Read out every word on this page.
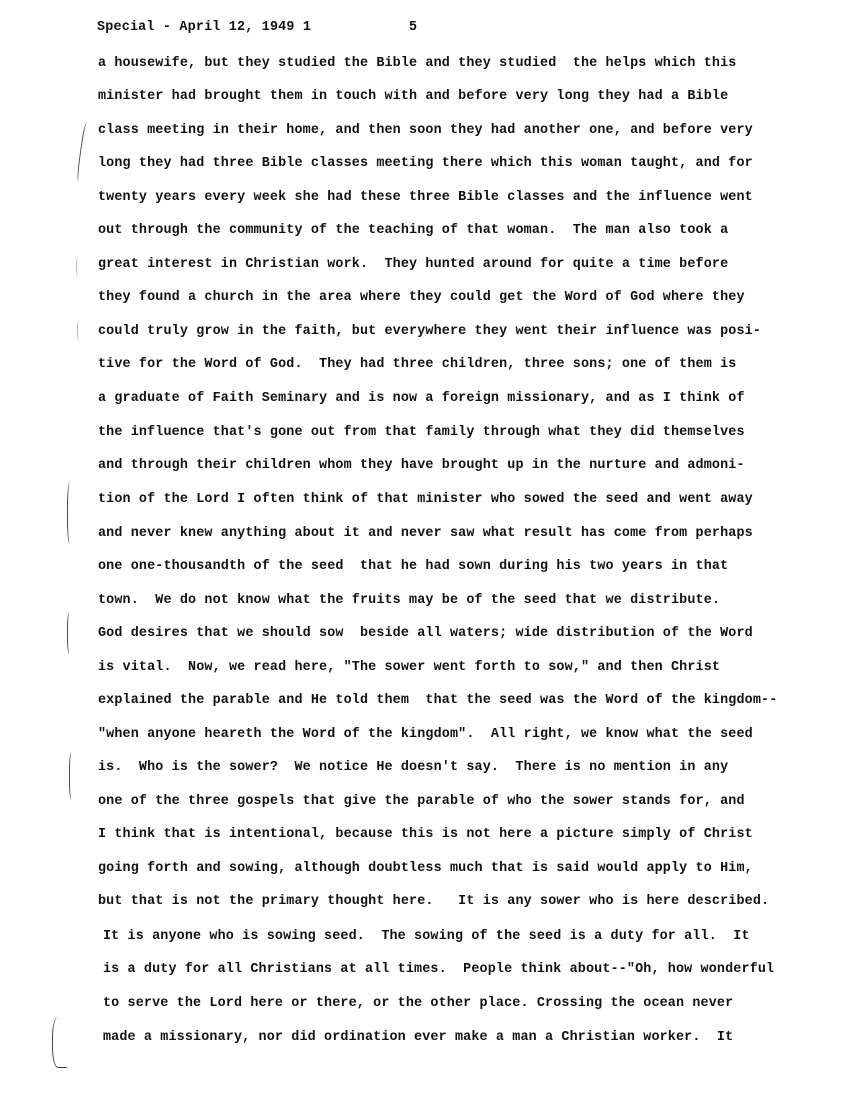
Special - April 12, 1949 1	5
a housewife, but they studied the Bible and they studied  the helps which this
minister had brought them in touch with and before very long they had a Bible
class meeting in their home, and then soon they had another one, and before very
long they had three Bible classes meeting there which this woman taught, and for
twenty years every week she had these three Bible classes and the influence went
out through the community of the teaching of that woman.  The man also took a
great interest in Christian work.  They hunted around for quite a time before
they found a church in the area where they could get the Word of God where they
could truly grow in the faith, but everywhere they went their influence was posi-
tive for the Word of God.  They had three children, three sons; one of them is
a graduate of Faith Seminary and is now a foreign missionary, and as I think of
the influence that's gone out from that family through what they did themselves
and through their children whom they have brought up in the nurture and admoni-
tion of the Lord I often think of that minister who sowed the seed and went away
and never knew anything about it and never saw what result has come from perhaps
one one-thousandth of the seed  that he had sown during his two years in that
town.  We do not know what the fruits may be of the seed that we distribute.
God desires that we should sow  beside all waters; wide distribution of the Word
is vital.  Now, we read here, "The sower went forth to sow," and then Christ
explained the parable and He told them  that the seed was the Word of the kingdom--
"when anyone heareth the Word of the kingdom".  All right, we know what the seed
is.  Who is the sower?  We notice He doesn't say.  There is no mention in any
one of the three gospels that give the parable of who the sower stands for, and
I think that is intentional, because this is not here a picture simply of Christ
going forth and sowing, although doubtless much that is said would apply to Him,
but that is not the primary thought here.   It is any sower who is here described.
It is anyone who is sowing seed.  The sowing of the seed is a duty for all.  It
is a duty for all Christians at all times.  People think about--"Oh, how wonderful
to serve the Lord here or there, or the other place. Crossing the ocean never
made a missionary, nor did ordination ever make a man a Christian worker.  It
